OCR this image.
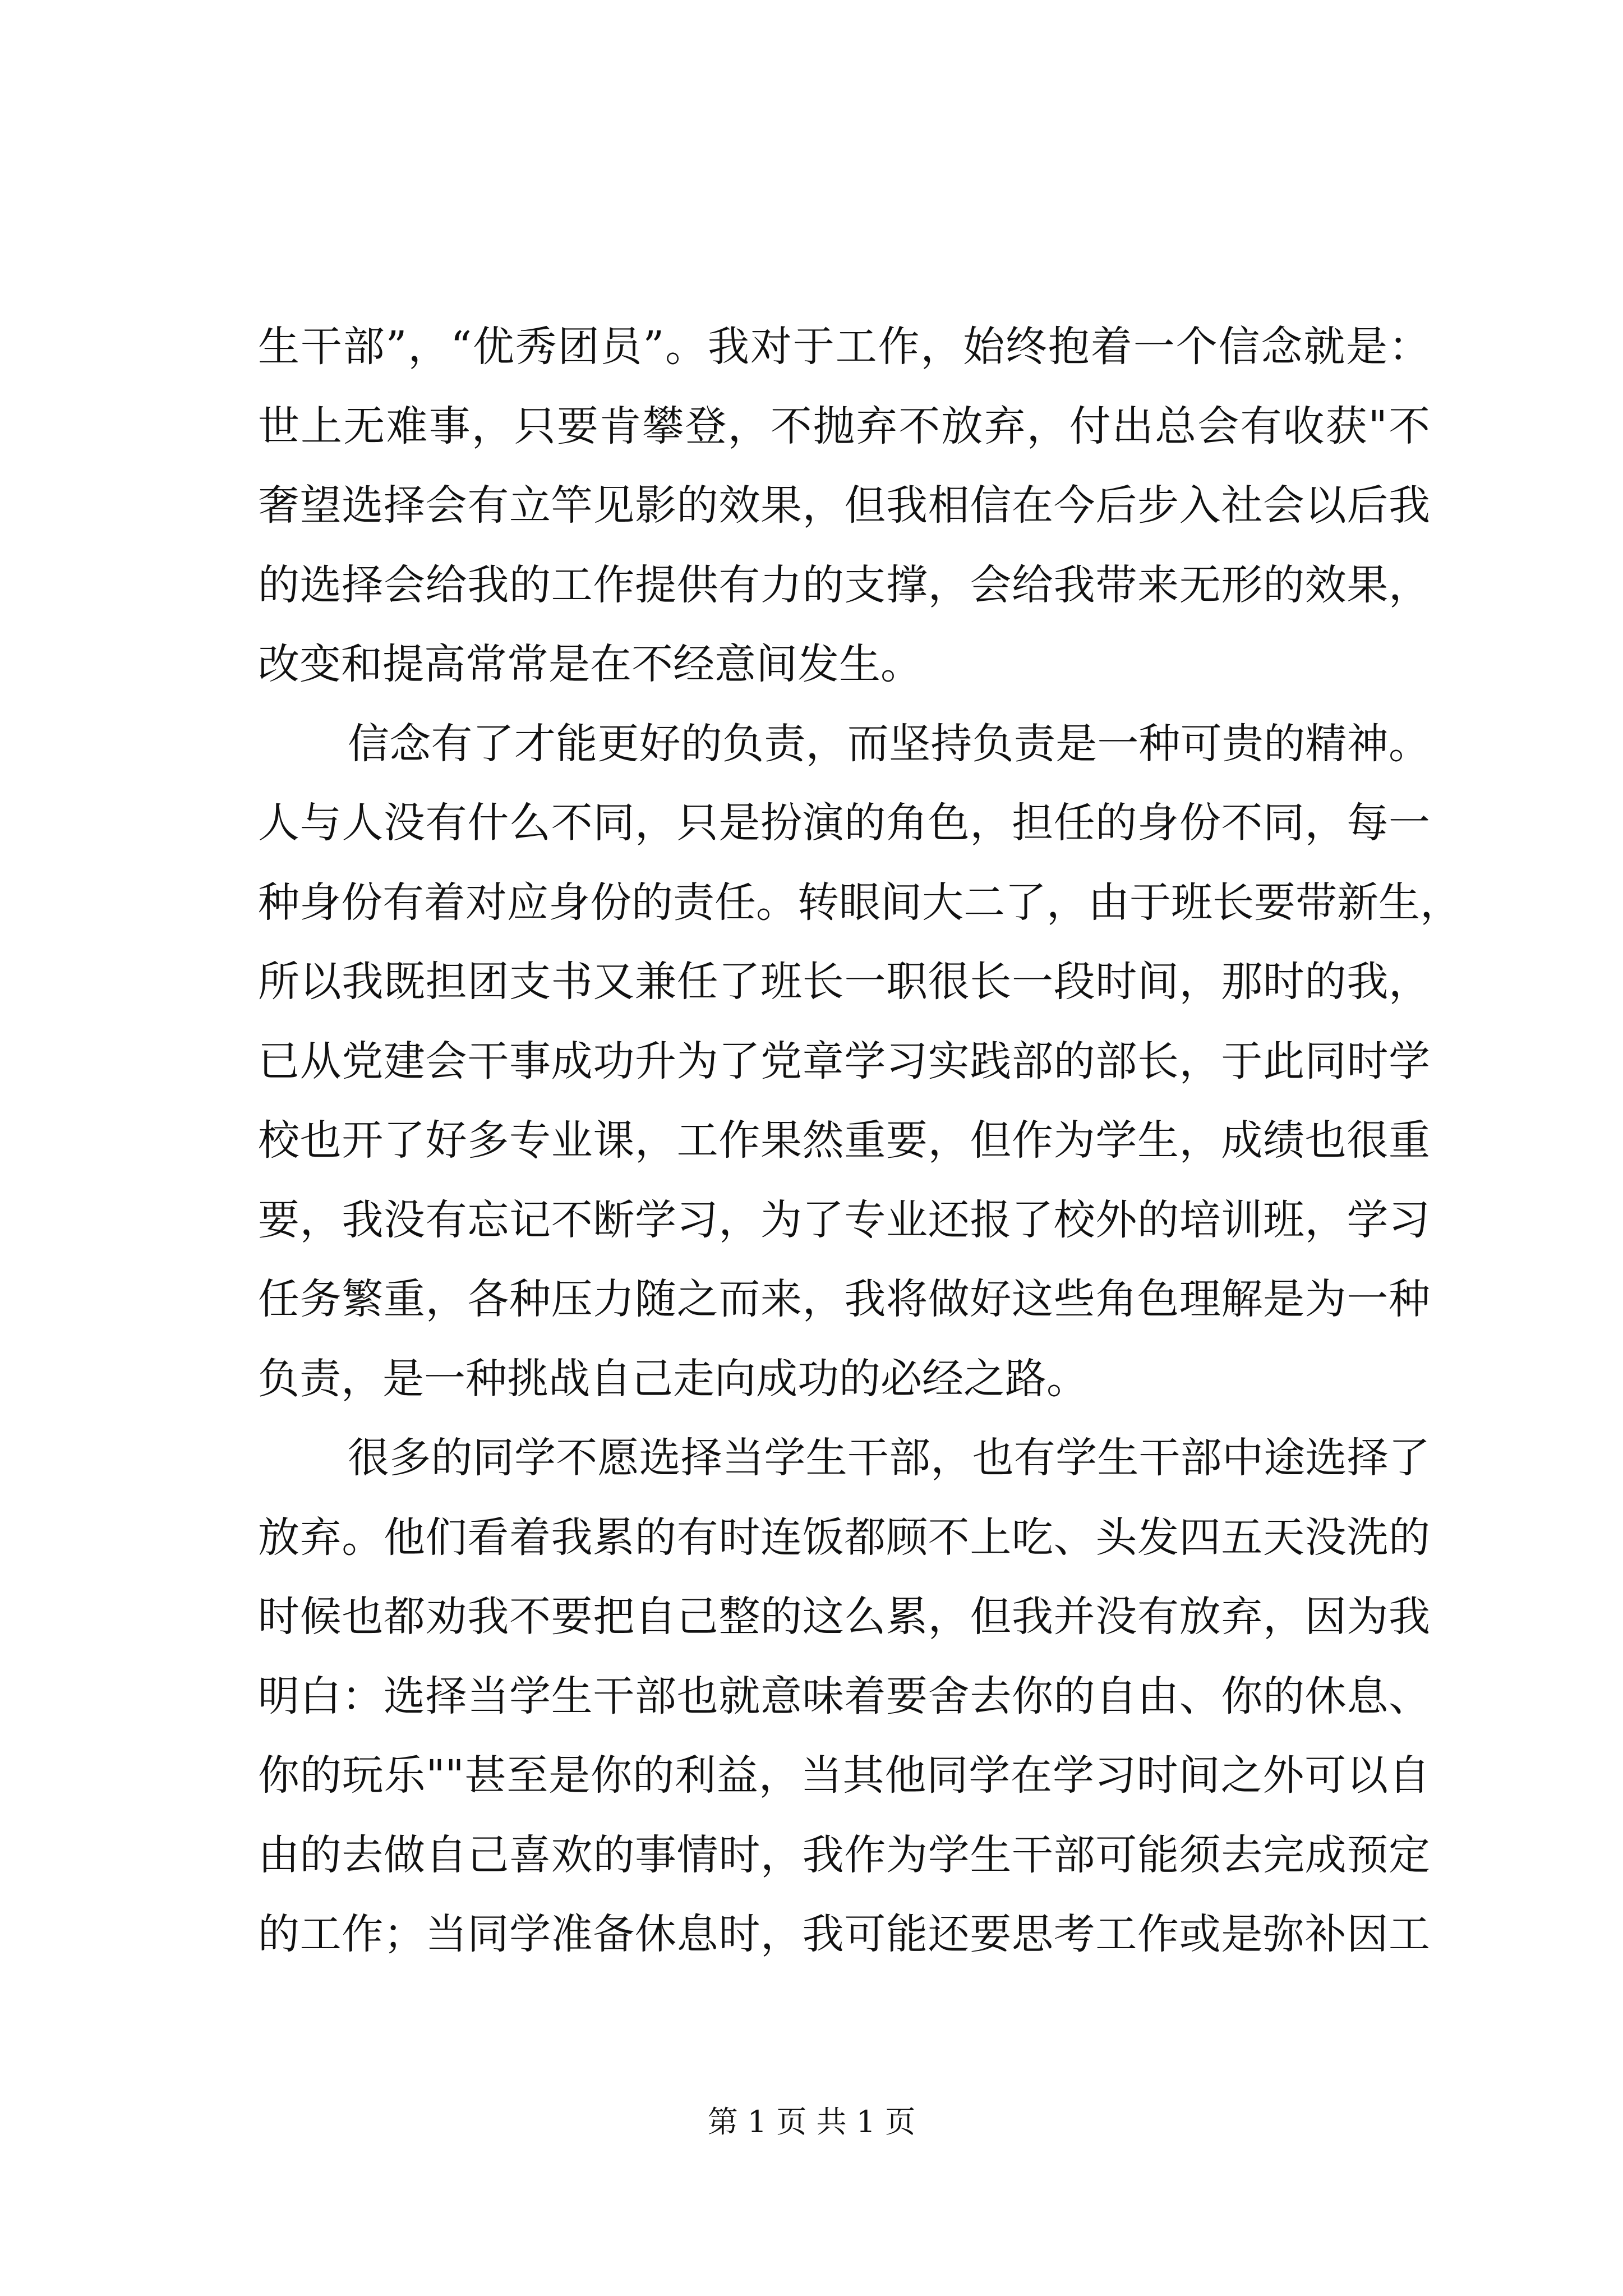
生干部”，“优秀团员”。我对于工作，始终抱着一个信念就是：
世上无难事，只要肯攀登，不抛弃不放弃，付出总会有收获"不
奢望选择会有立竿见影的效果，但我相信在今后步入社会以后我
的选择会给我的工作提供有力的支撑，会给我带来无形的效果，
改变和提高常常是在不经意间发生。
信念有了才能更好的负责，而坚持负责是一种可贵的精神。
人与人没有什么不同，只是扮演的角色，担任的身份不同，每一
种身份有着对应身份的责任。转眼间大二了，由于班长要带新生，
所以我既担团支书又兼任了班长一职很长一段时间，那时的我，
已从党建会干事成功升为了党章学习实践部的部长，于此同时学
校也开了好多专业课，工作果然重要，但作为学生，成绩也很重
要，我没有忘记不断学习，为了专业还报了校外的培训班，学习
任务繁重，各种压力随之而来，我将做好这些角色理解是为一种
负责，是一种挑战自己走向成功的必经之路。
很多的同学不愿选择当学生干部，也有学生干部中途选择了
放弃。他们看着我累的有时连饭都顾不上吃、头发四五天没洗的
时候也都劝我不要把自己整的这么累，但我并没有放弃，因为我
明白：选择当学生干部也就意味着要舍去你的自由、你的休息、
你的玩乐""甚至是你的利益，当其他同学在学习时间之外可以自
由的去做自己喜欢的事情时，我作为学生干部可能须去完成预定
的工作；当同学准备休息时，我可能还要思考工作或是弥补因工
第 1 页 共 1 页
